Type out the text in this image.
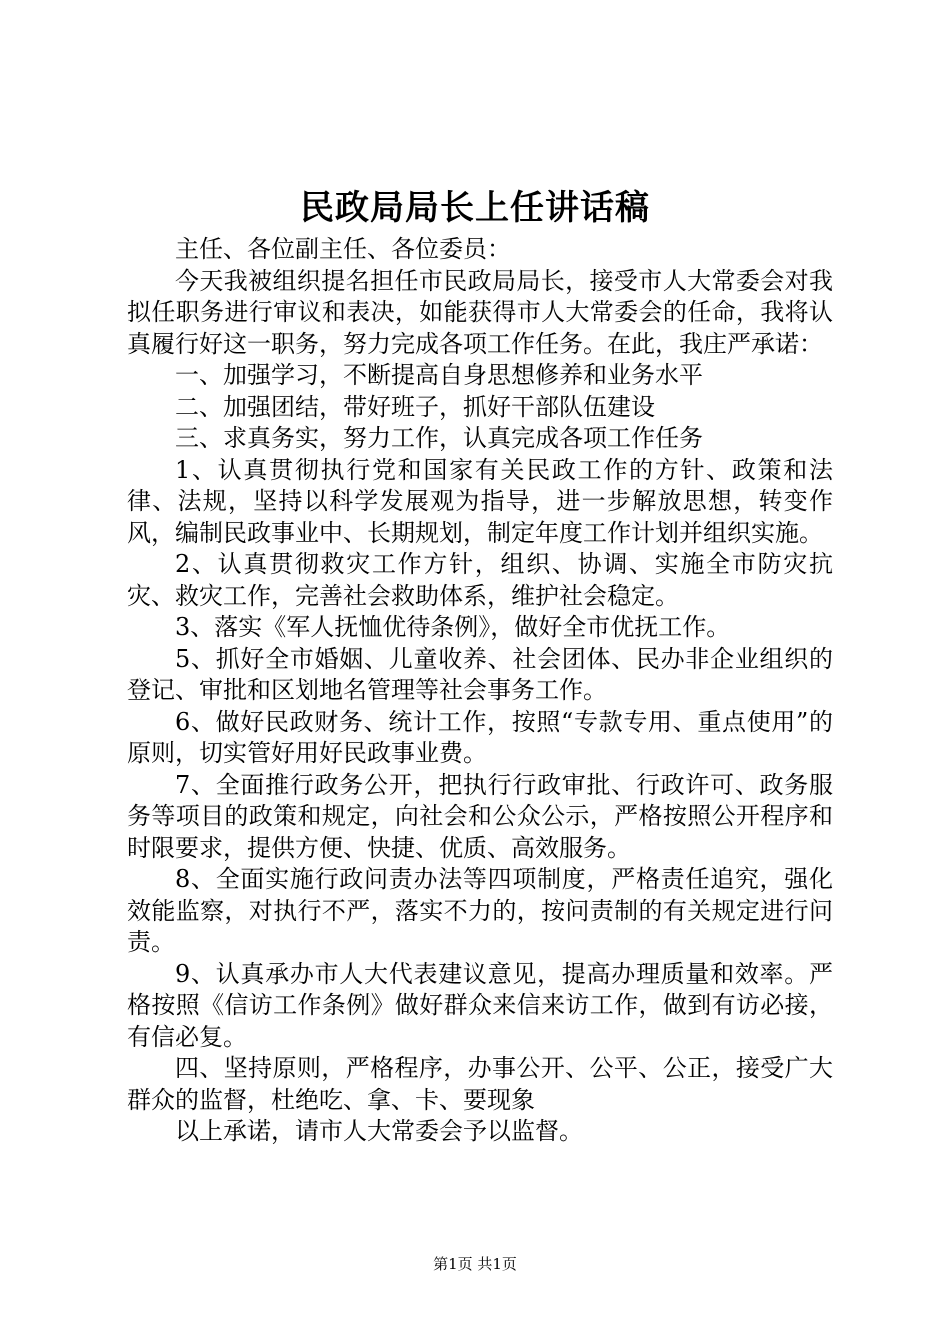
民政局局长上任讲话稿

主任、各位副主任、各位委员：

今天我被组织提名担任市民政局局长，接受市人大常委会对我拟任职务进行审议和表决，如能获得市人大常委会的任命，我将认真履行好这一职务，努力完成各项工作任务。在此，我庄严承诺：

一、加强学习，不断提高自身思想修养和业务水平

二、加强团结，带好班子，抓好干部队伍建设

三、求真务实，努力工作，认真完成各项工作任务

1、认真贯彻执行党和国家有关民政工作的方针、政策和法律、法规，坚持以科学发展观为指导，进一步解放思想，转变作风，编制民政事业中、长期规划，制定年度工作计划并组织实施。

2、认真贯彻救灾工作方针，组织、协调、实施全市防灾抗灾、救灾工作，完善社会救助体系，维护社会稳定。

3、落实《军人抚恤优待条例》，做好全市优抚工作。

5、抓好全市婚姻、儿童收养、社会团体、民办非企业组织的登记、审批和区划地名管理等社会事务工作。

6、做好民政财务、统计工作，按照“专款专用、重点使用”的原则，切实管好用好民政事业费。

7、全面推行政务公开，把执行行政审批、行政许可、政务服务等项目的政策和规定，向社会和公众公示，严格按照公开程序和时限要求，提供方便、快捷、优质、高效服务。

8、全面实施行政问责办法等四项制度，严格责任追究，强化效能监察，对执行不严，落实不力的，按问责制的有关规定进行问责。

9、认真承办市人大代表建议意见，提高办理质量和效率。严格按照《信访工作条例》做好群众来信来访工作，做到有访必接，有信必复。

四、坚持原则，严格程序，办事公开、公平、公正，接受广大群众的监督，杜绝吃、拿、卡、要现象

以上承诺，请市人大常委会予以监督。

第1页 共1页
